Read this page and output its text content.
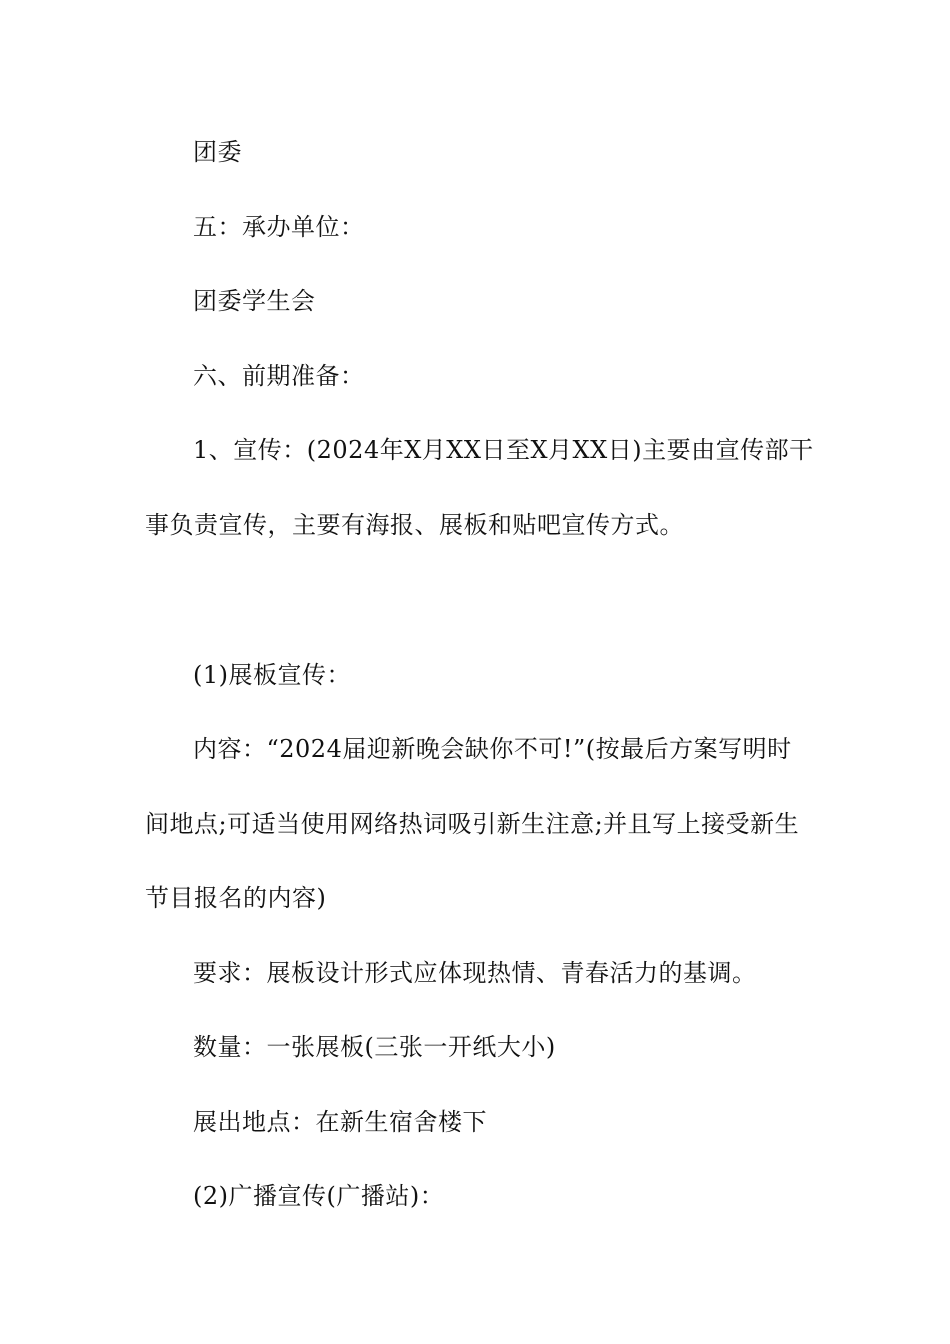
团委

五：承办单位：

团委学生会

六、前期准备：

1、宣传：(2024年X月XX日至X月XX日)主要由宣传部干

事负责宣传，主要有海报、展板和贴吧宣传方式。

(1)展板宣传：

内容：“2024届迎新晚会缺你不可!”(按最后方案写明时

间地点;可适当使用网络热词吸引新生注意;并且写上接受新生

节目报名的内容)

要求：展板设计形式应体现热情、青春活力的基调。

数量：一张展板(三张一开纸大小)

展出地点：在新生宿舍楼下

(2)广播宣传(广播站)：
